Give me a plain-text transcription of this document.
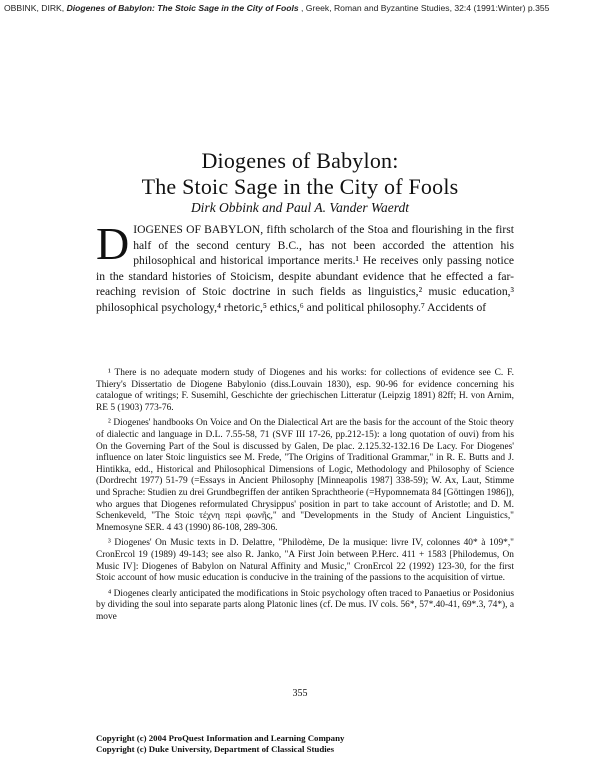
OBBINK, DIRK, Diogenes of Babylon: The Stoic Sage in the City of Fools , Greek, Roman and Byzantine Studies, 32:4 (1991:Winter) p.355
Diogenes of Babylon:
The Stoic Sage in the City of Fools
Dirk Obbink and Paul A. Vander Waerdt
DIOGENES OF BABYLON, fifth scholarch of the Stoa and flourishing in the first half of the second century B.C., has not been accorded the attention his philosophical and historical importance merits.¹ He receives only passing notice in the standard histories of Stoicism, despite abundant evidence that he effected a far-reaching revision of Stoic doctrine in such fields as linguistics,² music education,³ philosophical psychology,⁴ rhetoric,⁵ ethics,⁶ and political philosophy.⁷ Accidents of

¹ There is no adequate modern study of Diogenes and his works: for collections of evidence see C. F. Thiery's Dissertatio de Diogene Babylonio (diss.Louvain 1830), esp. 90-96 for evidence concerning his catalogue of writings; F. Susemihl, Geschichte der griechischen Litteratur (Leipzig 1891) 82ff; H. von Arnim, RE 5 (1903) 773-76.

² Diogenes' handbooks On Voice and On the Dialectical Art are the basis for the account of the Stoic theory of dialectic and language in D.L. 7.55-58, 71 (SVF III 17-26, pp.212-15): a long quotation of ouvi) from his On the Governing Part of the Soul is discussed by Galen, De plac. 2.125.32-132.16 De Lacy. For Diogenes' influence on later Stoic linguistics see M. Frede, "The Origins of Traditional Grammar," in R. E. Butts and J. Hintikka, edd., Historical and Philosophical Dimensions of Logic, Methodology and Philosophy of Science (Dordrecht 1977) 51-79 (=Essays in Ancient Philosophy [Minneapolis 1987] 338-59); W. Ax, Laut, Stimme und Sprache: Studien zu drei Grundbegriffen der antiken Sprachtheorie (=Hypomnemata 84 [Göttingen 1986]), who argues that Diogenes reformulated Chrysippus' position in part to take account of Aristotle; and D. M. Schenkeveld, "The Stoic τέχνη περὶ φωνῆς," and "Developments in the Study of Ancient Linguistics," Mnemosyne SER. 4 43 (1990) 86-108, 289-306.

³ Diogenes' On Music texts in D. Delattre, "Philodème, De la musique: livre IV, colonnes 40* à 109*," CronErcol 19 (1989) 49-143; see also R. Janko, "A First Join between P.Herc. 411 + 1583 [Philodemus, On Music IV]: Diogenes of Babylon on Natural Affinity and Music," CronErcol 22 (1992) 123-30, for the first Stoic account of how music education is conducive in the training of the passions to the acquisition of virtue.

⁴ Diogenes clearly anticipated the modifications in Stoic psychology often traced to Panaetius or Posidonius by dividing the soul into separate parts along Platonic lines (cf. De mus. IV cols. 56*, 57*.40-41, 69*.3, 74*), a move

355
Copyright (c) 2004 ProQuest Information and Learning Company
Copyright (c) Duke University, Department of Classical Studies
